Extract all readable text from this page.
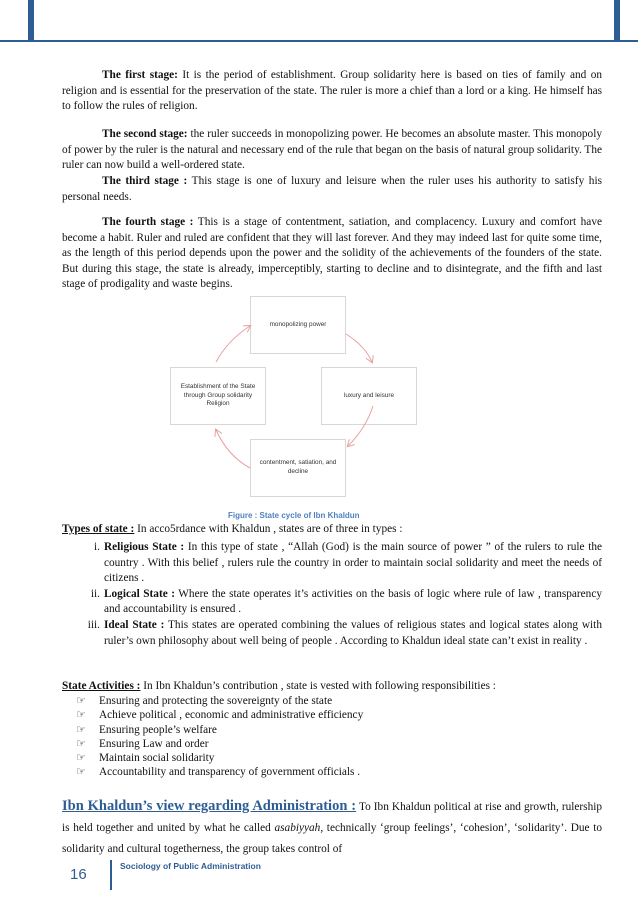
The first stage: It is the period of establishment. Group solidarity here is based on ties of family and on religion and is essential for the preservation of the state. The ruler is more a chief than a lord or a king. He himself has to follow the rules of religion.

The second stage: the ruler succeeds in monopolizing power. He becomes an absolute master. This monopoly of power by the ruler is the natural and necessary end of the rule that began on the basis of natural group solidarity. The ruler can now build a well-ordered state.

The third stage : This stage is one of luxury and leisure when the ruler uses his authority to satisfy his personal needs.

The fourth stage : This is a stage of contentment, satiation, and complacency. Luxury and comfort have become a habit. Ruler and ruled are confident that they will last forever. And they may indeed last for quite some time, as the length of this period depends upon the power and the solidity of the achievements of the founders of the state. But during this stage, the state is already, imperceptibly, starting to decline and to disintegrate, and the fifth and last stage of prodigality and waste begins.

monopolizing power
luxury and leisure
contentment, satiation, and decline
Establishment of the State through Group solidarity Religion
Figure : State cycle of Ibn Khaldun

Types of state : In acco5rdance with Khaldun , states are of three in types :

i. Religious State : In this type of state , “Allah (God) is the main source of power ” of the rulers to rule the country . With this belief , rulers rule the country in order to maintain social solidarity and meet the needs of citizens .
ii. Logical State : Where the state operates it’s activities on the basis of logic where rule of law , transparency and accountability is ensured .
iii. Ideal State : This states are operated combining the values of religious states and logical states along with ruler’s own philosophy about well being of people . According to Khaldun ideal state can’t exist in reality .

State Activities : In Ibn Khaldun’s contribution , state is vested with following responsibilities :

☞ Ensuring and protecting the sovereignty of the state
☞ Achieve political , economic and administrative efficiency
☞ Ensuring people’s welfare
☞ Ensuring Law and order
☞ Maintain social solidarity
☞ Accountability and transparency of government officials .

Ibn Khaldun’s view regarding Administration : To Ibn Khaldun political at rise and growth, rulership is held together and united by what he called asabiyyah, technically ‘group feelings’, ‘cohesion’, ‘solidarity’. Due to solidarity and cultural togetherness, the group takes control of

16	Sociology of Public Administration
